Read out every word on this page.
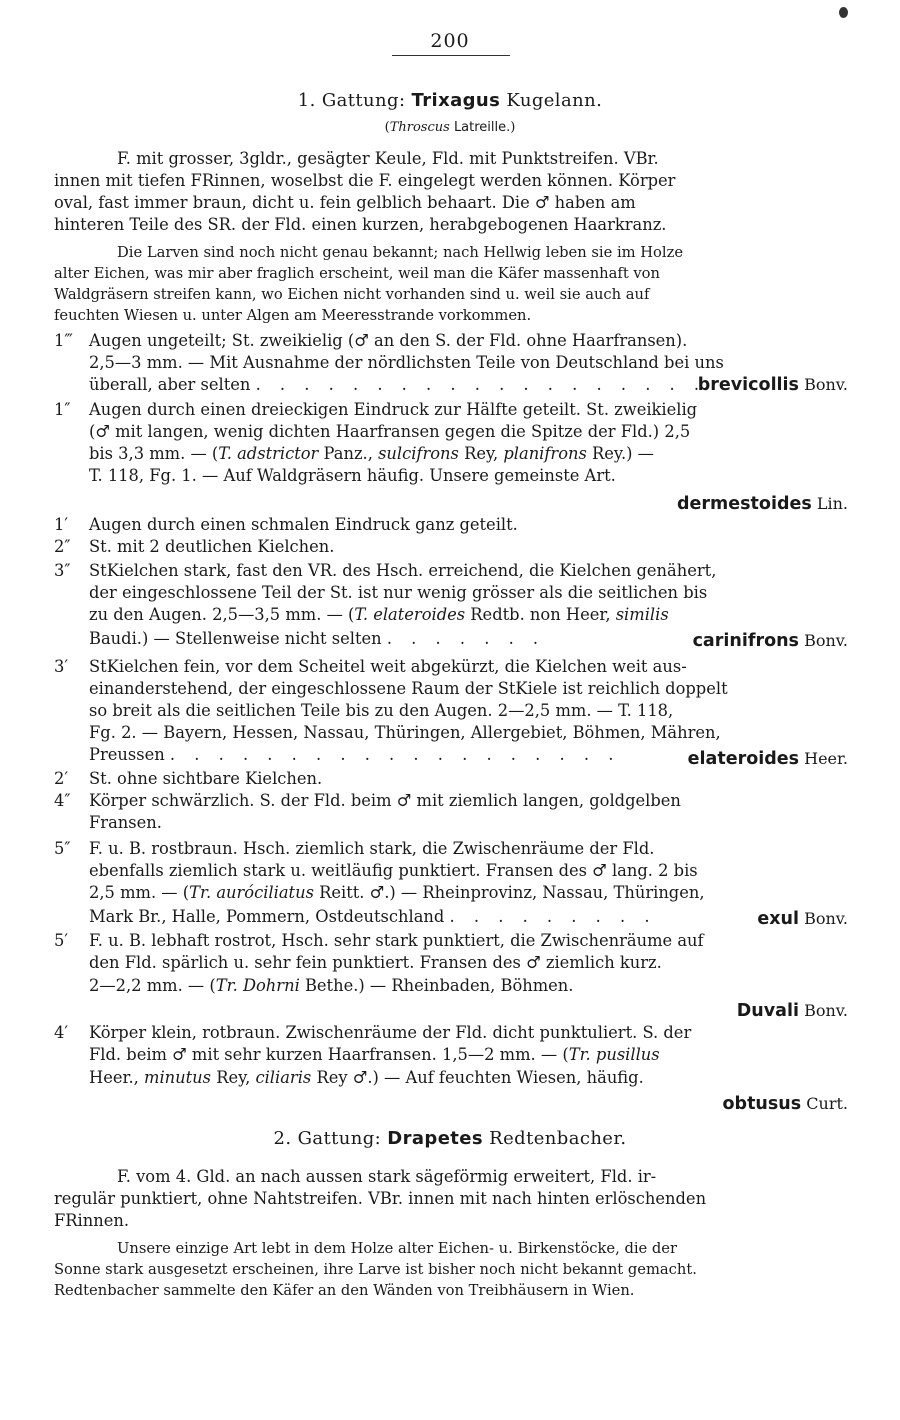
200
1. Gattung: Trixagus Kugelann.
(Throscus Latreille.)
F. mit grosser, 3gldr., gesägter Keule, Fld. mit Punktstreifen. VBr.
innen mit tiefen FRinnen, woselbst die F. eingelegt werden können. Körper
oval, fast immer braun, dicht u. fein gelblich behaart. Die ♂ haben am
hinteren Teile des SR. der Fld. einen kurzen, herabgebogenen Haarkranz.
Die Larven sind noch nicht genau bekannt; nach Hellwig leben sie im Holze
alter Eichen, was mir aber fraglich erscheint, weil man die Käfer massenhaft von
Waldgräsern streifen kann, wo Eichen nicht vorhanden sind u. weil sie auch auf
feuchten Wiesen u. unter Algen am Meeresstrande vorkommen.
1‴ Augen ungeteilt; St. zweikielig (♂ an den S. der Fld. ohne Haarfransen).
2,5—3 mm. — Mit Ausnahme der nördlichsten Teile von Deutschland bei uns
überall, aber selten . . . . . . . . . . . . . . . . . . .
brevicollis Bonv.
1″ Augen durch einen dreieckigen Eindruck zur Hälfte geteilt. St. zweikielig
(♂ mit langen, wenig dichten Haarfransen gegen die Spitze der Fld.) 2,5
bis 3,3 mm. — (T. adstrictor Panz., sulcifrons Rey, planifrons Rey.) —
T. 118, Fg. 1. — Auf Waldgräsern häufig. Unsere gemeinste Art.
dermestoides Lin.
1′ Augen durch einen schmalen Eindruck ganz geteilt.
2″ St. mit 2 deutlichen Kielchen.
3″ StKielchen stark, fast den VR. des Hsch. erreichend, die Kielchen genähert,
der eingeschlossene Teil der St. ist nur wenig grösser als die seitlichen bis
zu den Augen. 2,5—3,5 mm. — (T. elateroides Redtb. non Heer, similis
Baudi.) — Stellenweise nicht selten . . . . . . .	carinifrons Bonv.
3′ StKielchen fein, vor dem Scheitel weit abgekürzt, die Kielchen weit aus-
einanderstehend, der eingeschlossene Raum der StKiele ist reichlich doppelt
so breit als die seitlichen Teile bis zu den Augen. 2—2,5 mm. — T. 118,
Fg. 2. — Bayern, Hessen, Nassau, Thüringen, Allergebiet, Böhmen, Mähren,
Preussen . . . . . . . . . . . . . . . . . . .	elateroides Heer.
2′ St. ohne sichtbare Kielchen.
4″ Körper schwärzlich. S. der Fld. beim ♂ mit ziemlich langen, goldgelben
Fransen.
5″ F. u. B. rostbraun. Hsch. ziemlich stark, die Zwischenräume der Fld.
ebenfalls ziemlich stark u. weitläufig punktiert. Fransen des ♂ lang. 2 bis
2,5 mm. — (Tr. auróciliatus Reitt. ♂.) — Rheinprovinz, Nassau, Thüringen,
Mark Br., Halle, Pommern, Ostdeutschland . . . . . . . . .	exul Bonv.
5′ F. u. B. lebhaft rostrot, Hsch. sehr stark punktiert, die Zwischenräume auf
den Fld. spärlich u. sehr fein punktiert. Fransen des ♂ ziemlich kurz.
2—2,2 mm. — (Tr. Dohrni Bethe.) — Rheinbaden, Böhmen.
Duvali Bonv.
4′ Körper klein, rotbraun. Zwischenräume der Fld. dicht punktuliert. S. der
Fld. beim ♂ mit sehr kurzen Haarfransen. 1,5—2 mm. — (Tr. pusillus
Heer., minutus Rey, ciliaris Rey ♂.) — Auf feuchten Wiesen, häufig.
obtusus Curt.
2. Gattung: Drapetes Redtenbacher.
F. vom 4. Gld. an nach aussen stark sägeförmig erweitert, Fld. ir-
regulär punktiert, ohne Nahtstreifen. VBr. innen mit nach hinten erlöschenden
FRinnen.
Unsere einzige Art lebt in dem Holze alter Eichen- u. Birkenstöcke, die der
Sonne stark ausgesetzt erscheinen, ihre Larve ist bisher noch nicht bekannt gemacht.
Redtenbacher sammelte den Käfer an den Wänden von Treibhäusern in Wien.
